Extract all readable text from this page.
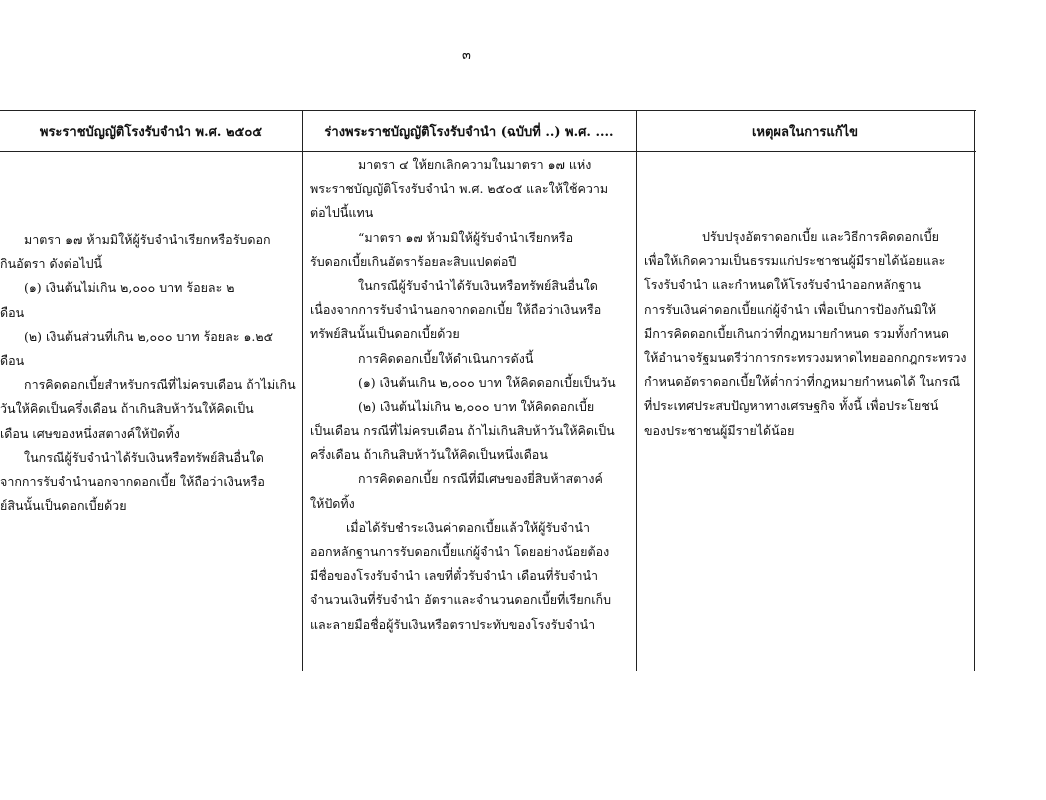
๓
พระราชบัญญัติโรงรับจำนำ พ.ศ. ๒๕๐๕	ร่างพระราชบัญญัติโรงรับจำนำ (ฉบับที่ ..) พ.ศ. ....	เหตุผลในการแก้ไข
มาตรา ๑๗ ห้ามมิให้ผู้รับจำนำเรียกหรือรับดอก
กินอัตรา ดังต่อไปนี้
(๑) เงินต้นไม่เกิน ๒,๐๐๐ บาท ร้อยละ ๒
ดือน
(๒) เงินต้นส่วนที่เกิน ๒,๐๐๐ บาท ร้อยละ ๑.๒๕
ดือน
การคิดดอกเบี้ยสำหรับกรณีที่ไม่ครบเดือน ถ้าไม่เกิน
วันให้คิดเป็นครึ่งเดือน ถ้าเกินสิบห้าวันให้คิดเป็น
เดือน เศษของหนึ่งสตางค์ให้ปัดทิ้ง
ในกรณีผู้รับจำนำได้รับเงินหรือทรัพย์สินอื่นใด
จากการรับจำนำนอกจากดอกเบี้ย ให้ถือว่าเงินหรือ
ย์สินนั้นเป็นดอกเบี้ยด้วย
มาตรา ๔ ให้ยกเลิกความในมาตรา ๑๗ แห่ง
พระราชบัญญัติโรงรับจำนำ พ.ศ. ๒๕๐๕ และให้ใช้ความ
ต่อไปนี้แทน
“มาตรา ๑๗ ห้ามมิให้ผู้รับจำนำเรียกหรือ
รับดอกเบี้ยเกินอัตราร้อยละสิบแปดต่อปี
ในกรณีผู้รับจำนำได้รับเงินหรือทรัพย์สินอื่นใด
เนื่องจากการรับจำนำนอกจากดอกเบี้ย ให้ถือว่าเงินหรือ
ทรัพย์สินนั้นเป็นดอกเบี้ยด้วย
การคิดดอกเบี้ยให้ดำเนินการดังนี้
(๑) เงินต้นเกิน ๒,๐๐๐ บาท ให้คิดดอกเบี้ยเป็นวัน
(๒) เงินต้นไม่เกิน ๒,๐๐๐ บาท ให้คิดดอกเบี้ย
เป็นเดือน กรณีที่ไม่ครบเดือน ถ้าไม่เกินสิบห้าวันให้คิดเป็น
ครึ่งเดือน ถ้าเกินสิบห้าวันให้คิดเป็นหนึ่งเดือน
การคิดดอกเบี้ย กรณีที่มีเศษของยี่สิบห้าสตางค์
ให้ปัดทิ้ง
เมื่อได้รับชำระเงินค่าดอกเบี้ยแล้วให้ผู้รับจำนำ
ออกหลักฐานการรับดอกเบี้ยแก่ผู้จำนำ โดยอย่างน้อยต้อง
มีชื่อของโรงรับจำนำ เลขที่ตั๋วรับจำนำ เดือนที่รับจำนำ
จำนวนเงินที่รับจำนำ อัตราและจำนวนดอกเบี้ยที่เรียกเก็บ
และลายมือชื่อผู้รับเงินหรือตราประทับของโรงรับจำนำ
ปรับปรุงอัตราดอกเบี้ย และวิธีการคิดดอกเบี้ย
เพื่อให้เกิดความเป็นธรรมแก่ประชาชนผู้มีรายได้น้อยและ
โรงรับจำนำ และกำหนดให้โรงรับจำนำออกหลักฐาน
การรับเงินค่าดอกเบี้ยแก่ผู้จำนำ เพื่อเป็นการป้องกันมิให้
มีการคิดดอกเบี้ยเกินกว่าที่กฎหมายกำหนด รวมทั้งกำหนด
ให้อำนาจรัฐมนตรีว่าการกระทรวงมหาดไทยออกกฎกระทรวง
กำหนดอัตราดอกเบี้ยให้ต่ำกว่าที่กฎหมายกำหนดได้ ในกรณี
ที่ประเทศประสบปัญหาทางเศรษฐกิจ ทั้งนี้ เพื่อประโยชน์
ของประชาชนผู้มีรายได้น้อย
